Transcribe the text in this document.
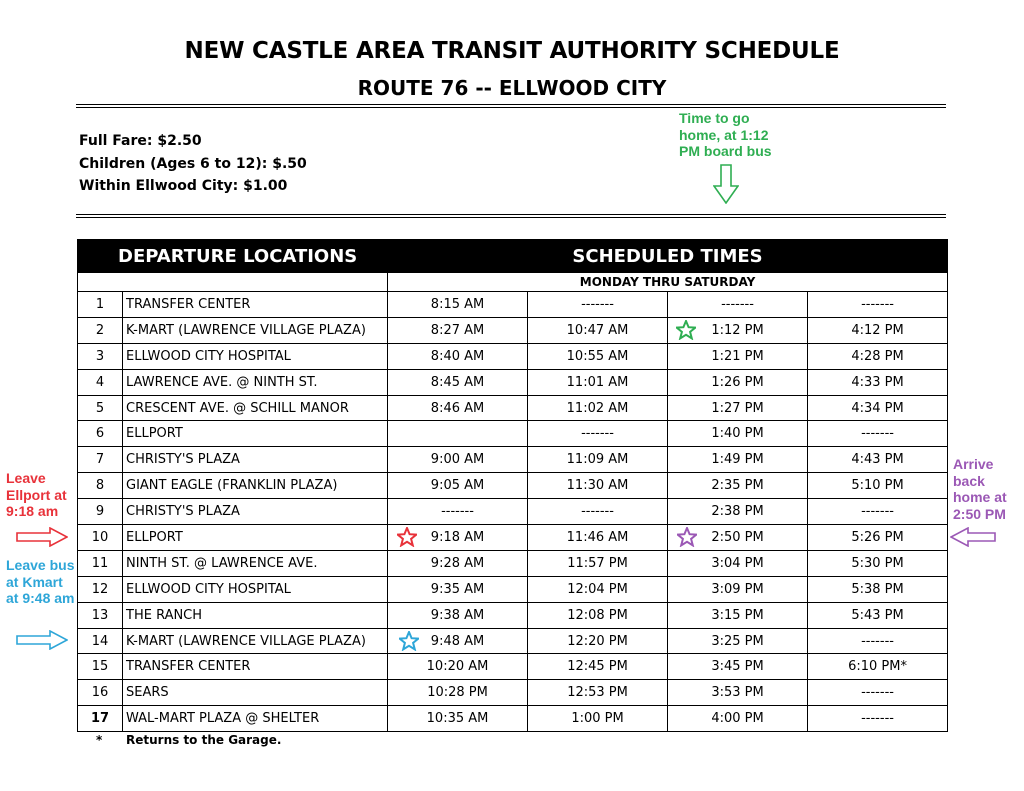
NEW CASTLE AREA TRANSIT AUTHORITY SCHEDULE
ROUTE 76 -- ELLWOOD CITY
Full Fare: $2.50
Children (Ages 6 to 12): $.50
Within Ellwood City: $1.00
Time to go home, at 1:12 PM board bus
DEPARTURE LOCATIONS		SCHEDULED TIMES			
		MONDAY THRU SATURDAY			
1	TRANSFER CENTER	8:15 AM	-------	-------	-------
2	K-MART (LAWRENCE VILLAGE PLAZA)	8:27 AM	10:47 AM	1:12 PM	4:12 PM
3	ELLWOOD CITY HOSPITAL	8:40 AM	10:55 AM	1:21 PM	4:28 PM
4	LAWRENCE AVE. @ NINTH ST.	8:45 AM	11:01 AM	1:26 PM	4:33 PM
5	CRESCENT AVE. @ SCHILL MANOR	8:46 AM	11:02 AM	1:27 PM	4:34 PM
6	ELLPORT		-------	1:40 PM	-------
7	CHRISTY'S PLAZA	9:00 AM	11:09 AM	1:49 PM	4:43 PM
8	GIANT EAGLE (FRANKLIN PLAZA)	9:05 AM	11:30 AM	2:35 PM	5:10 PM
9	CHRISTY'S PLAZA	-------	-------	2:38 PM	-------
10	ELLPORT	9:18 AM	11:46 AM	2:50 PM	5:26 PM
11	NINTH ST. @ LAWRENCE AVE.	9:28 AM	11:57 PM	3:04 PM	5:30 PM
12	ELLWOOD CITY HOSPITAL	9:35 AM	12:04 PM	3:09 PM	5:38 PM
13	THE RANCH	9:38 AM	12:08 PM	3:15 PM	5:43 PM
14	K-MART (LAWRENCE VILLAGE PLAZA)	9:48 AM	12:20 PM	3:25 PM	-------
15	TRANSFER CENTER	10:20 AM	12:45 PM	3:45 PM	6:10 PM*
16	SEARS	10:28 PM	12:53 PM	3:53 PM	-------
17	WAL-MART PLAZA @ SHELTER	10:35 AM	1:00 PM	4:00 PM	-------
Leave Ellport at 9:18 am
Leave bus at Kmart at 9:48 am
Arrive back home at 2:50 PM
* Returns to the Garage.
